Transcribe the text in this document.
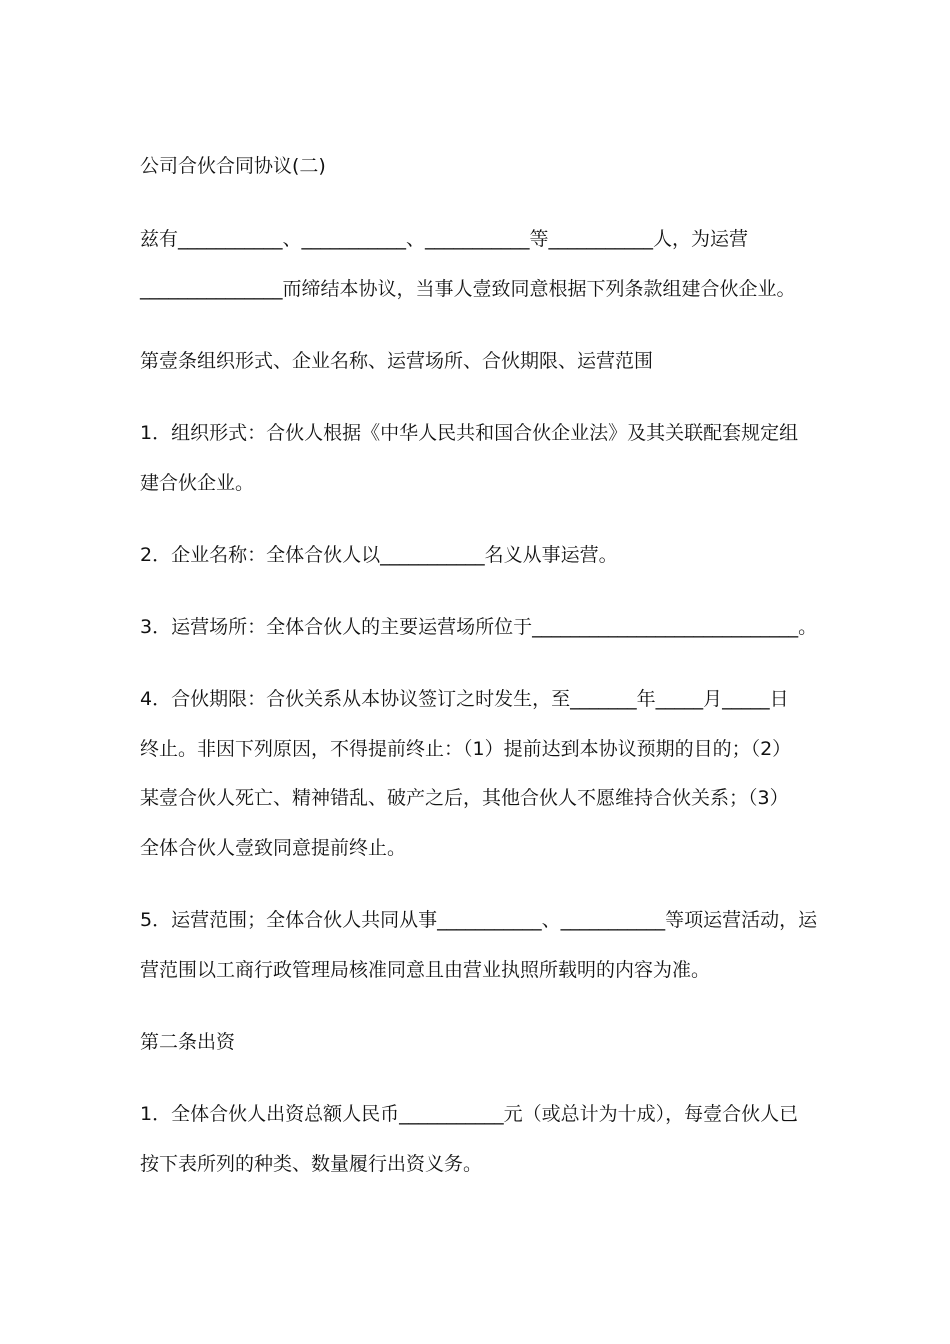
公司合伙合同协议(二)
兹有___________、___________、___________等___________人，为运营
_______________而缔结本协议，当事人壹致同意根据下列条款组建合伙企业。
第壹条组织形式、企业名称、运营场所、合伙期限、运营范围
1．组织形式：合伙人根据《中华人民共和国合伙企业法》及其关联配套规定组
建合伙企业。
2．企业名称：全体合伙人以___________名义从事运营。
3．运营场所：全体合伙人的主要运营场所位于____________________________。
4．合伙期限：合伙关系从本协议签订之时发生，至_______年_____月_____日
终止。非因下列原因，不得提前终止：（1）提前达到本协议预期的目的；（2）
某壹合伙人死亡、精神错乱、破产之后，其他合伙人不愿维持合伙关系；（3）
全体合伙人壹致同意提前终止。
5．运营范围；全体合伙人共同从事___________、___________等项运营活动，运
营范围以工商行政管理局核准同意且由营业执照所载明的内容为准。
第二条出资
1．全体合伙人出资总额人民币___________元（或总计为十成），每壹合伙人已
按下表所列的种类、数量履行出资义务。
